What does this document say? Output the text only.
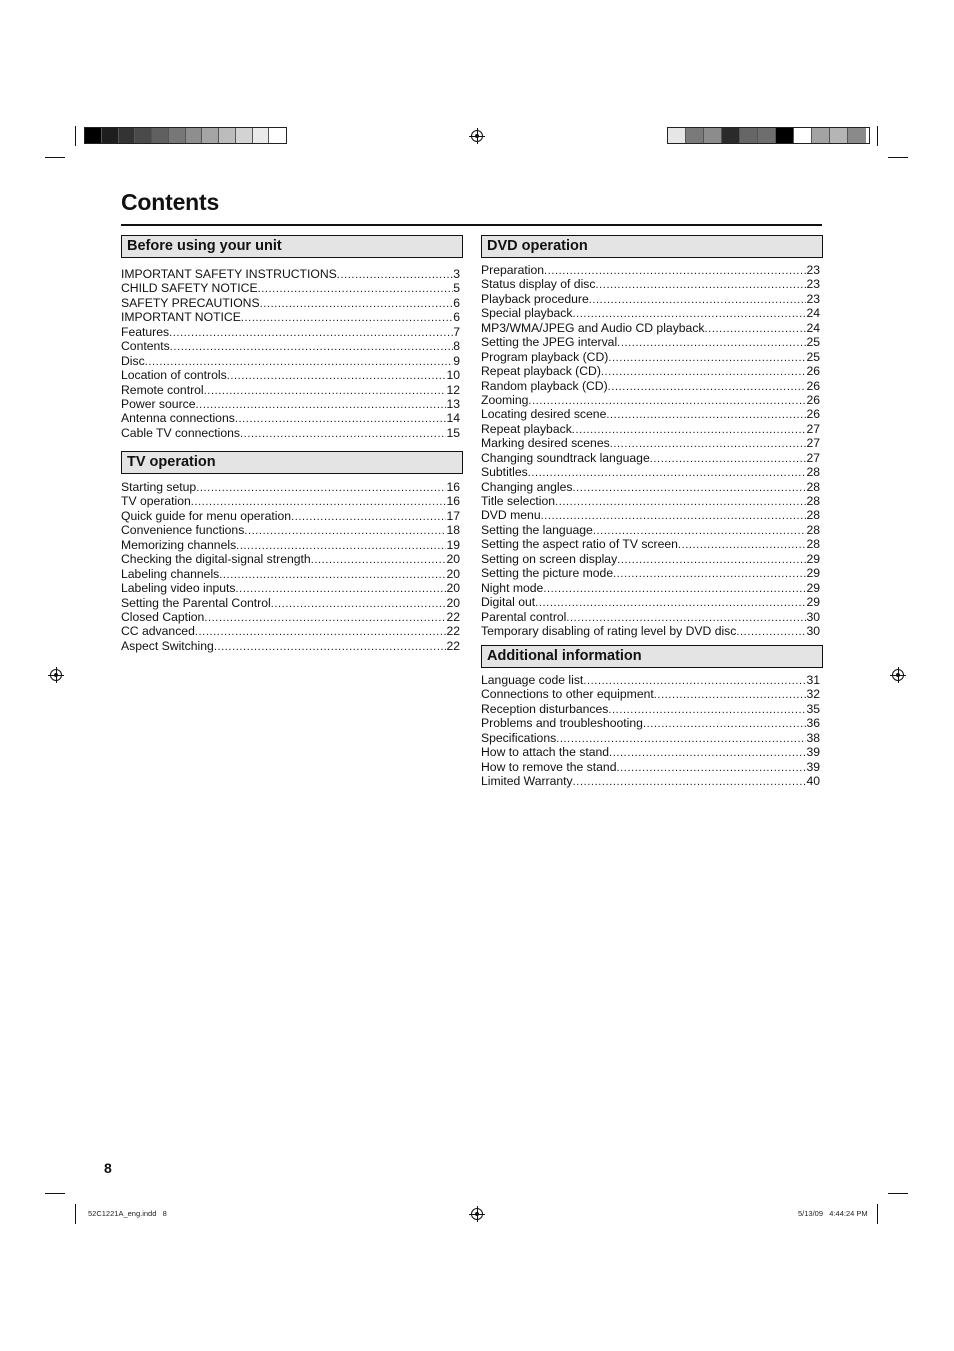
Contents
Before using your unit
IMPORTANT SAFETY INSTRUCTIONS .....	3
CHILD SAFETY NOTICE .....	5
SAFETY PRECAUTIONS .....	6
IMPORTANT NOTICE .....	6
Features .....	7
Contents .....	8
Disc .....	9
Location of controls .....	10
Remote control .....	12
Power source .....	13
Antenna connections .....	14
Cable TV connections .....	15
TV operation
Starting setup .....	16
TV operation .....	16
Quick guide for menu operation .....	17
Convenience functions .....	18
Memorizing channels .....	19
Checking the digital-signal strength .....	20
Labeling channels .....	20
Labeling video inputs .....	20
Setting the Parental Control .....	20
Closed Caption .....	22
CC advanced .....	22
Aspect Switching .....	22
DVD operation
Preparation .....	23
Status display of disc .....	23
Playback procedure .....	23
Special playback .....	24
MP3/WMA/JPEG and Audio CD playback .....	24
Setting the JPEG interval .....	25
Program playback (CD) .....	25
Repeat playback (CD) .....	26
Random playback (CD) .....	26
Zooming .....	26
Locating desired scene .....	26
Repeat playback .....	27
Marking desired scenes .....	27
Changing soundtrack language .....	27
Subtitles .....	28
Changing angles .....	28
Title selection .....	28
DVD menu .....	28
Setting the language .....	28
Setting the aspect ratio of TV screen .....	28
Setting on screen display .....	29
Setting the picture mode .....	29
Night mode .....	29
Digital out .....	29
Parental control .....	30
Temporary disabling of rating level by DVD disc .....	30
Additional information
Language code list .....	31
Connections to other equipment .....	32
Reception disturbances .....	35
Problems and troubleshooting .....	36
Specifications .....	38
How to attach the stand .....	39
How to remove the stand .....	39
Limited Warranty .....	40
8
52C1221A_eng.indd   8	5/13/09   4:44:24 PM
